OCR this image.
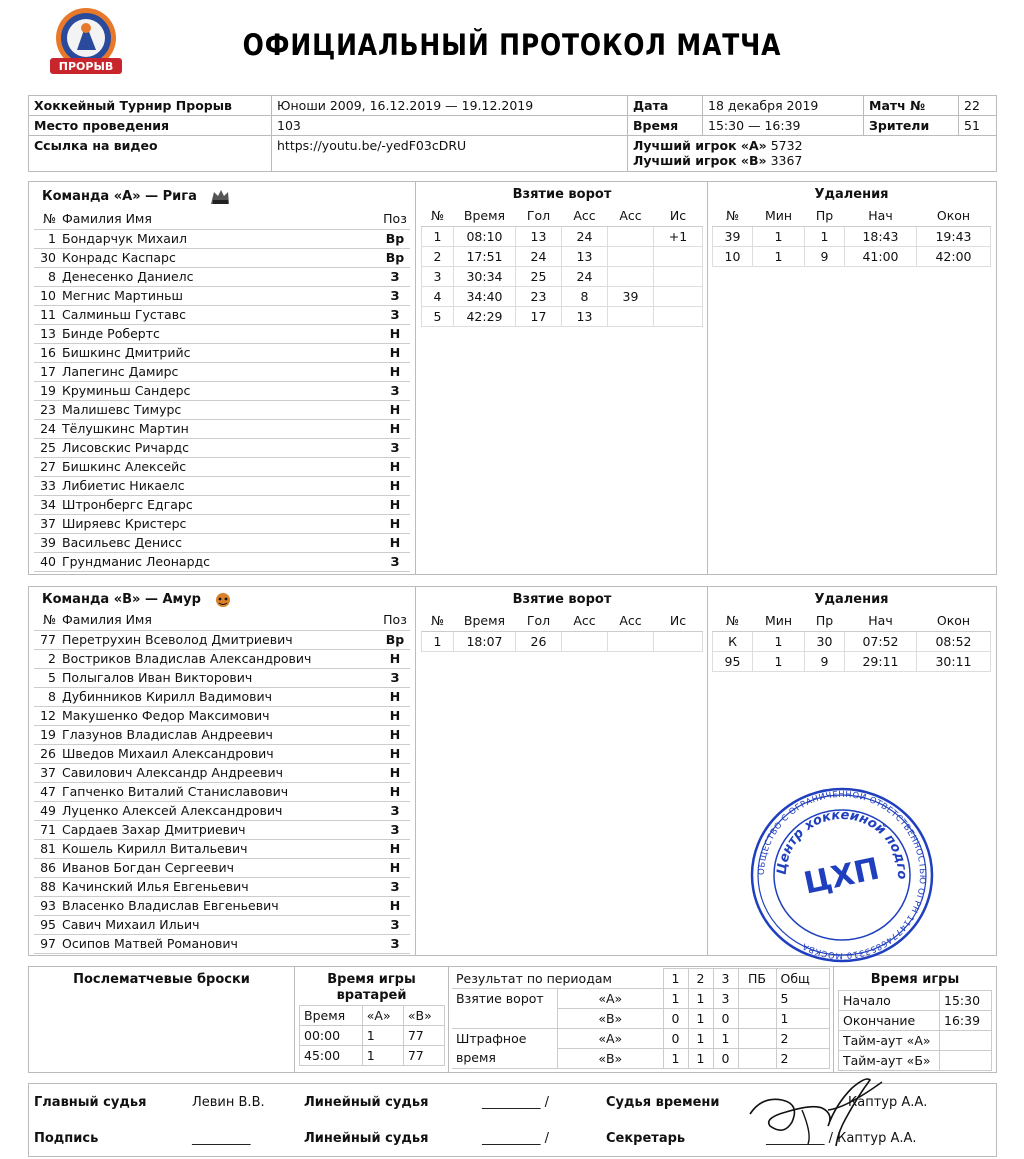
ПРОРЫВ
ОФИЦИАЛЬНЫЙ ПРОТОКОЛ МАТЧА
Хоккейный Турнир Прорыв	Юноши 2009, 16.12.2019 — 19.12.2019	Дата	18 декабря 2019	Матч №	22
Место проведения	103	Время	15:30 — 16:39	Зрители	51
Ссылка на видео	https://youtu.be/-yedF03cDRU	Лучший игрок «А» 5732
Лучший игрок «В» 3367			
Команда «А» — Рига
№	Фамилия Имя	Поз
1	Бондарчук Михаил	Вр
30	Конрадс Каспарс	Вр
8	Денесенко Даниелс	З
10	Мегнис Мартиньш	З
11	Салминьш Густавс	З
13	Бинде Робертс	Н
16	Бишкинс Дмитрийс	Н
17	Лапегинс Дамирс	Н
19	Круминьш Сандерс	З
23	Малишевс Тимурс	Н
24	Тёлушкинс Мартин	Н
25	Лисовскис Ричардс	З
27	Бишкинс Алексейс	Н
33	Либиетис Никаелс	Н
34	Штронбергс Едгарс	Н
37	Ширяевс Кристерс	Н
39	Васильевс Денисс	Н
40	Грундманис Леонардс	З
Взятие ворот
№	Время	Гол	Асс	Асс	Ис
1	08:10	13	24		+1
2	17:51	24	13		
3	30:34	25	24		
4	34:40	23	8	39	
5	42:29	17	13		
Удаления
№	Мин	Пр	Нач	Окон
39	1	1	18:43	19:43
10	1	9	41:00	42:00
Команда «В» — Амур
№	Фамилия Имя	Поз
77	Перетрухин Всеволод Дмитриевич	Вр
2	Востриков Владислав Александрович	Н
5	Полыгалов Иван Викторович	З
8	Дубинников Кирилл Вадимович	Н
12	Макушенко Федор Максимович	Н
19	Глазунов Владислав Андреевич	Н
26	Шведов Михаил Александрович	Н
37	Савилович Александр Андреевич	Н
47	Гапченко Виталий Станиславович	Н
49	Луценко Алексей Александрович	З
71	Сардаев Захар Дмитриевич	З
81	Кошель Кирилл Витальевич	Н
86	Иванов Богдан Сергеевич	Н
88	Качинский Илья Евгеньевич	З
93	Власенко Владислав Евгеньевич	Н
95	Савич Михаил Ильич	З
97	Осипов Матвей Романович	З
Взятие ворот
№	Время	Гол	Асс	Асс	Ис
1	18:07	26			
Удаления
№	Мин	Пр	Нач	Окон
К	1	30	07:52	08:52
95	1	9	29:11	30:11
ОБЩЕСТВО С ОГРАНИЧЕННОЙ ОТВЕТСТВЕННОСТЬЮ ОГРН 1147746853310 МОСКВА
Центр хоккейной подго
ЦХП
Послематчевые броски	Время игры вратарей
Время	«А»	«В»
00:00	1	77
45:00	1	77
Результат по периодам		1	2	3	ПБ	Общ
Взятие ворот	«А»	1	1	3		5
	«В»	0	1	0		1
Штрафное время	«А»	0	1	1		2
	«В»	1	1	0		2
Время игры
Начало	15:30
Окончание	16:39
Тайм-аут «А»	
Тайм-аут «Б»	
Главный судья	Левин В.В.	Линейный судья	_________ /	Судья времени	Каптур А.А.
Подпись	_________	Линейный судья	_________ /	Секретарь	_________ / Каптур А.А.
